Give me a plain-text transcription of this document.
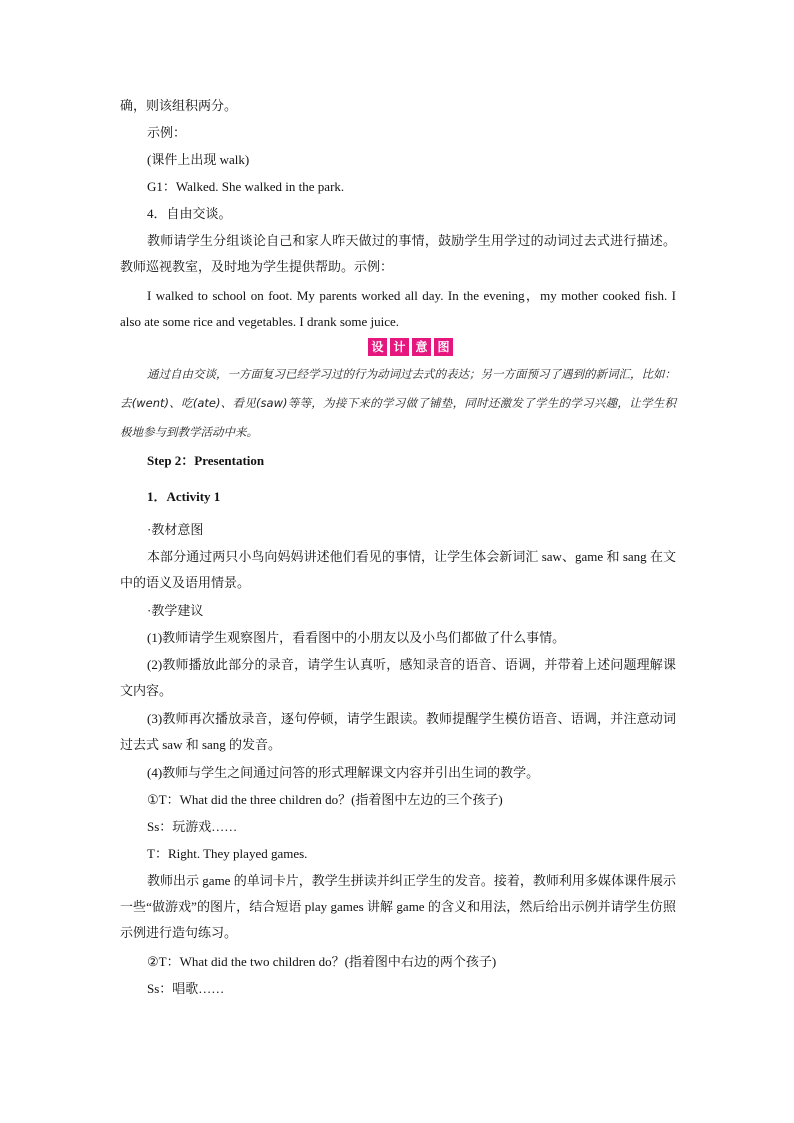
确，则该组积两分。

示例：

(课件上出现 walk)

G1：Walked. She walked in the park.

4．自由交谈。

教师请学生分组谈论自己和家人昨天做过的事情，鼓励学生用学过的动词过去式进行描述。教师巡视教室，及时地为学生提供帮助。示例：

I walked to school on foot. My parents worked all day. In the evening，my mother cooked fish. I also ate some rice and vegetables. I drank some juice.

设 计 意 图

通过自由交谈，一方面复习已经学习过的行为动词过去式的表达；另一方面预习了遇到的新词汇，比如：去(went)、吃(ate)、看见(saw)等等，为接下来的学习做了铺垫，同时还激发了学生的学习兴趣，让学生积极地参与到教学活动中来。

Step 2：Presentation

1．Activity 1

·教材意图

本部分通过两只小鸟向妈妈讲述他们看见的事情，让学生体会新词汇 saw、game 和 sang 在文中的语义及语用情景。

·教学建议

(1)教师请学生观察图片，看看图中的小朋友以及小鸟们都做了什么事情。

(2)教师播放此部分的录音，请学生认真听，感知录音的语音、语调，并带着上述问题理解课文内容。

(3)教师再次播放录音，逐句停顿，请学生跟读。教师提醒学生模仿语音、语调，并注意动词过去式 saw 和 sang 的发音。

(4)教师与学生之间通过问答的形式理解课文内容并引出生词的教学。

①T：What did the three children do？(指着图中左边的三个孩子)

Ss：玩游戏……

T：Right. They played games.

教师出示 game 的单词卡片，教学生拼读并纠正学生的发音。接着，教师利用多媒体课件展示一些“做游戏”的图片，结合短语 play games 讲解 game 的含义和用法，然后给出示例并请学生仿照示例进行造句练习。

②T：What did the two children do？(指着图中右边的两个孩子)

Ss：唱歌……
